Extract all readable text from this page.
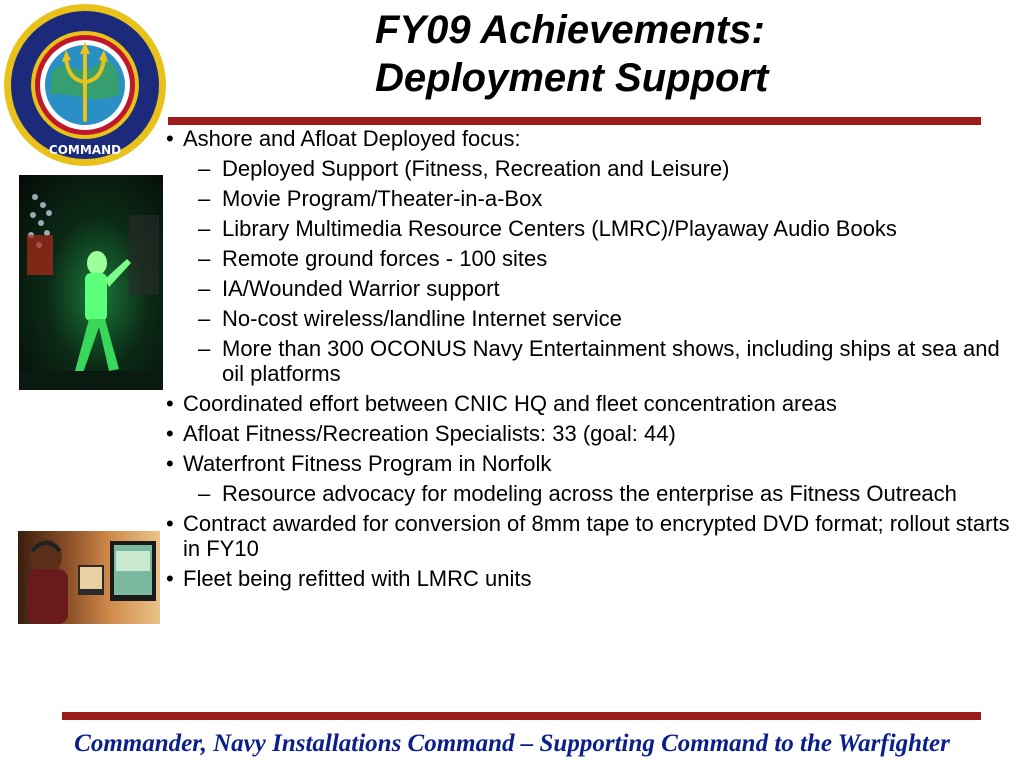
COMMAND
FY09 Achievements:
Deployment Support
• Ashore and Afloat Deployed focus:
– Deployed Support (Fitness, Recreation and Leisure)
– Movie Program/Theater-in-a-Box
– Library Multimedia Resource Centers (LMRC)/Playaway Audio Books
– Remote ground forces - 100 sites
– IA/Wounded Warrior support
– No-cost wireless/landline Internet service
– More than 300 OCONUS Navy Entertainment shows, including ships at sea and oil platforms
• Coordinated effort between CNIC HQ and fleet concentration areas
• Afloat Fitness/Recreation Specialists: 33 (goal: 44)
• Waterfront Fitness Program in Norfolk
– Resource advocacy for modeling across the enterprise as Fitness Outreach
• Contract awarded for conversion of 8mm tape to encrypted DVD format; rollout starts in FY10
• Fleet being refitted with LMRC units
Commander, Navy Installations Command – Supporting Command to the Warfighter
